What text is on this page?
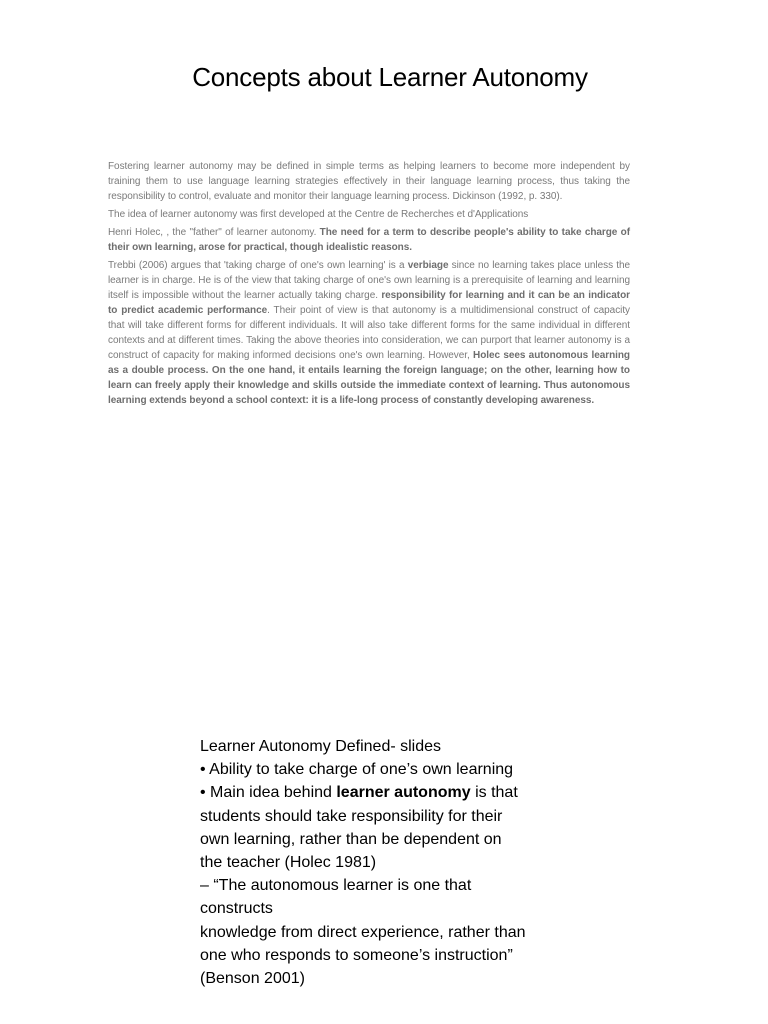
Concepts about Learner Autonomy

Fostering learner autonomy may be defined in simple terms as helping learners to become more independent by training them to use language learning strategies effectively in their language learning process, thus taking the responsibility to control, evaluate and monitor their language learning process. Dickinson (1992, p. 330).

The idea of learner autonomy was first developed at the Centre de Recherches et d'Applications

Henri Holec, , the "father" of learner autonomy. The need for a term to describe people's ability to take charge of their own learning, arose for practical, though idealistic reasons.

Trebbi (2006) argues that 'taking charge of one's own learning' is a verbiage since no learning takes place unless the learner is in charge. He is of the view that taking charge of one's own learning is a prerequisite of learning and learning itself is impossible without the learner actually taking charge. responsibility for learning and it can be an indicator to predict academic performance. Their point of view is that autonomy is a multidimensional construct of capacity that will take different forms for different individuals. It will also take different forms for the same individual in different contexts and at different times. Taking the above theories into consideration, we can purport that learner autonomy is a construct of capacity for making informed decisions one's own learning. However, Holec sees autonomous learning as a double process. On the one hand, it entails learning the foreign language; on the other, learning how to learn can freely apply their knowledge and skills outside the immediate context of learning. Thus autonomous learning extends beyond a school context: it is a life-long process of constantly developing awareness.

Learner Autonomy Defined- slides
• Ability to take charge of one’s own learning
• Main idea behind learner autonomy is that
students should take responsibility for their
own learning, rather than be dependent on
the teacher (Holec 1981)
– “The autonomous learner is one that
constructs
knowledge from direct experience, rather than
one who responds to someone’s instruction”
(Benson 2001)
